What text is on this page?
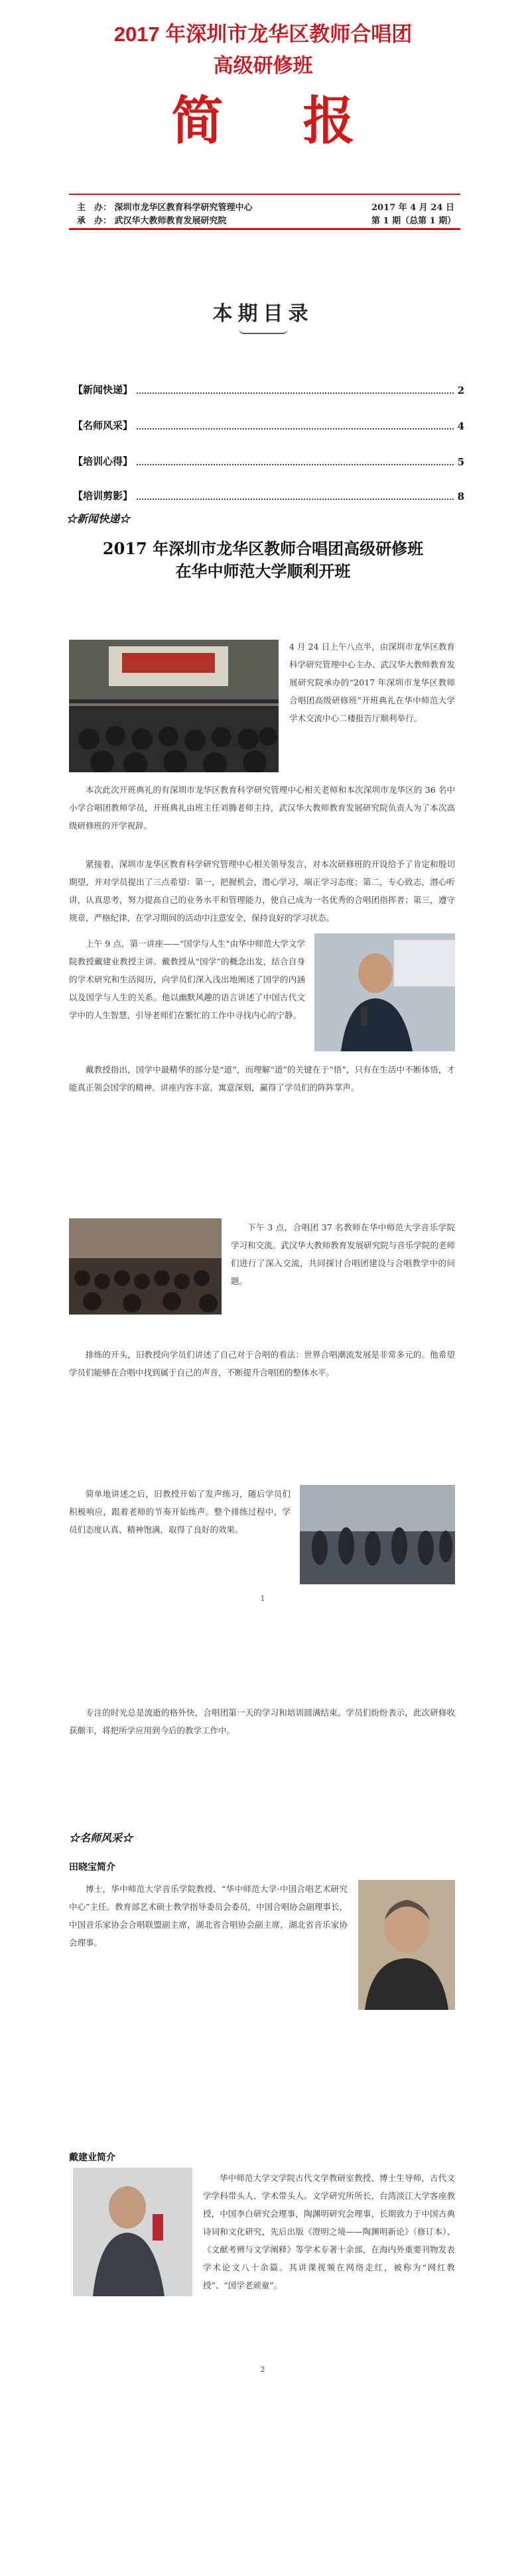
2017 年深圳市龙华区教师合唱团
高级研修班
简报
主　办： 深圳市龙华区教育科学研究管理中心
承　办： 武汉华大教师教育发展研究院
2017 年 4 月 24 日
第 1 期（总第 1 期）
本期目录
【新闻快递】	2
【名师风采】	4
【培训心得】	5
【培训剪影】	8
☆新闻快递☆
2017 年深圳市龙华区教师合唱团高级研修班
在华中师范大学顺利开班
4 月 24 日上午八点半，由深圳市龙华区教育科学研究管理中心主办、武汉华大教师教育发展研究院承办的“2017 年深圳市龙华区教师合唱团高级研修班”开班典礼在华中师范大学学术交流中心二楼报告厅顺利举行。
本次此次开班典礼的有深圳市龙华区教育科学研究管理中心相关老师和本次深圳市龙华区的 36 名中小学合唱团教师学员，开班典礼由班主任刘腾老师主持，武汉华大教师教育发展研究院负责人为了本次高级研修班的开学祝辞。
紧接着，深圳市龙华区教育科学研究管理中心相关领导发言，对本次研修班的开设给予了肯定和殷切期望，并对学员提出了三点希望：第一，把握机会，潜心学习，端正学习态度；第二，专心致志，潜心听讲，认真思考，努力提高自己的业务水平和管理能力，使自己成为一名优秀的合唱团指挥者；第三，遵守规章，严格纪律，在学习期间的活动中注意安全，保持良好的学习状态。
上午 9 点，第一讲座——“国学与人生”由华中师范大学文学院教授戴建业教授主讲。戴教授从“国学”的概念出发，结合自身的学术研究和生活阅历，向学员们深入浅出地阐述了国学的内涵以及国学与人生的关系。他以幽默风趣的语言讲述了中国古代文学中的人生智慧，引导老师们在繁忙的工作中寻找内心的宁静。
戴教授指出，国学中最精华的部分是“道”，而理解“道”的关键在于“悟”，只有在生活中不断体悟，才能真正领会国学的精神。讲座内容丰富，寓意深刻，赢得了学员们的阵阵掌声。
下午 3 点，合唱团 37 名教师在华中师范大学音乐学院学习和交流。武汉华大教师教育发展研究院与音乐学院的老师们进行了深入交流，共同探讨合唱团建设与合唱教学中的问题。
排练的开头，旧教授向学员们讲述了自己对于合唱的看法：世界合唱潮流发展是非常多元的。他希望学员们能够在合唱中找到属于自己的声音，不断提升合唱团的整体水平。
简单地讲述之后，旧教授开始了发声练习，随后学员们积极响应，跟着老师的节奏开始练声。整个排练过程中，学员们态度认真、精神饱满，取得了良好的效果。
专注的时光总是流逝的格外快，合唱团第一天的学习和培训圆满结束。学员们纷纷表示，此次研修收获颇丰，将把所学应用到今后的教学工作中。
1
☆名师风采☆
田晓宝简介
博士，华中师范大学音乐学院教授、“华中师范大学·中国合唱艺术研究中心”主任。教育部艺术硕士教学指导委员会委员，中国合唱协会副理事长，中国音乐家协会合唱联盟副主席，湖北省合唱协会副主席，湖北省音乐家协会理事。
戴建业简介
华中师范大学文学院古代文学教研室教授、博士生导师，古代文学学科带头人、学术带头人。文学研究所所长，台湾淡江大学客座教授，中国李白研究会理事，陶渊明研究会理事，长期致力于中国古典诗词和文化研究，先后出版《澄明之境——陶渊明新论》（修订本）、《文献考辨与文学阐释》等学术专著十余部，在海内外重要刊物发表学术论文八十余篇。其讲课视频在网络走红，被称为“网红教授”、“国学老顽童”。
2
